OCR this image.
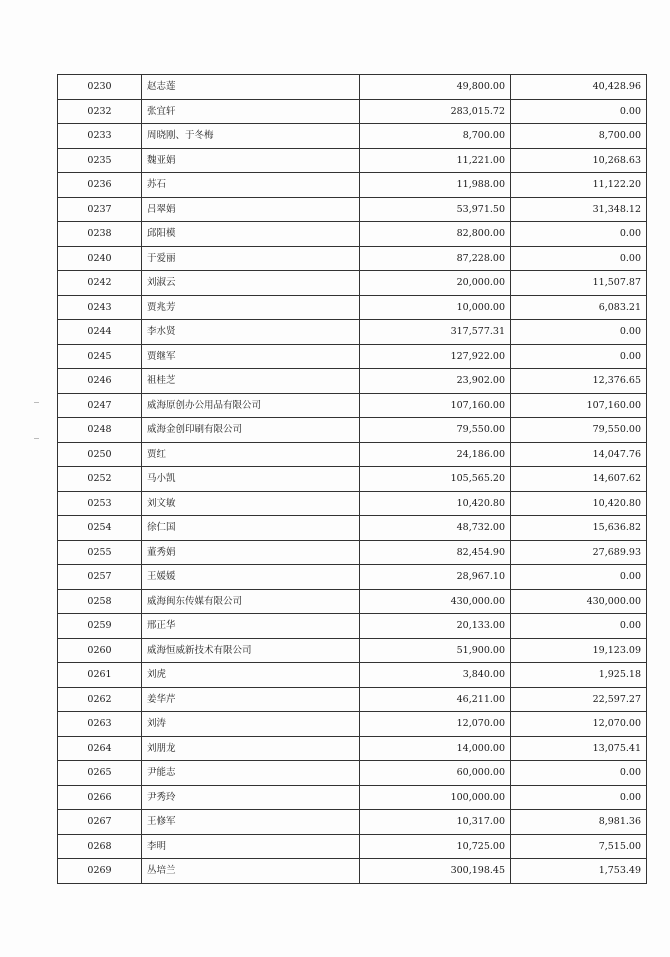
0230	赵志莲	49,800.00	40,428.96
0232	张宜轩	283,015.72	0.00
0233	周晓刚、于冬梅	8,700.00	8,700.00
0235	魏亚娟	11,221.00	10,268.63
0236	苏石	11,988.00	11,122.20
0237	吕翠娟	53,971.50	31,348.12
0238	邱阳模	82,800.00	0.00
0240	于爱丽	87,228.00	0.00
0242	刘淑云	20,000.00	11,507.87
0243	贾兆芳	10,000.00	6,083.21
0244	李水贤	317,577.31	0.00
0245	贾继军	127,922.00	0.00
0246	祖桂芝	23,902.00	12,376.65
0247	威海原创办公用品有限公司	107,160.00	107,160.00
0248	威海金创印刷有限公司	79,550.00	79,550.00
0250	贾红	24,186.00	14,047.76
0252	马小凯	105,565.20	14,607.62
0253	刘文敏	10,420.80	10,420.80
0254	徐仁国	48,732.00	15,636.82
0255	董秀娟	82,454.90	27,689.93
0257	王媛媛	28,967.10	0.00
0258	威海闽东传媒有限公司	430,000.00	430,000.00
0259	邢正华	20,133.00	0.00
0260	威海恒威新技术有限公司	51,900.00	19,123.09
0261	刘虎	3,840.00	1,925.18
0262	姜华芹	46,211.00	22,597.27
0263	刘涛	12,070.00	12,070.00
0264	刘朋龙	14,000.00	13,075.41
0265	尹能志	60,000.00	0.00
0266	尹秀玲	100,000.00	0.00
0267	王修军	10,317.00	8,981.36
0268	李明	10,725.00	7,515.00
0269	丛培兰	300,198.45	1,753.49
